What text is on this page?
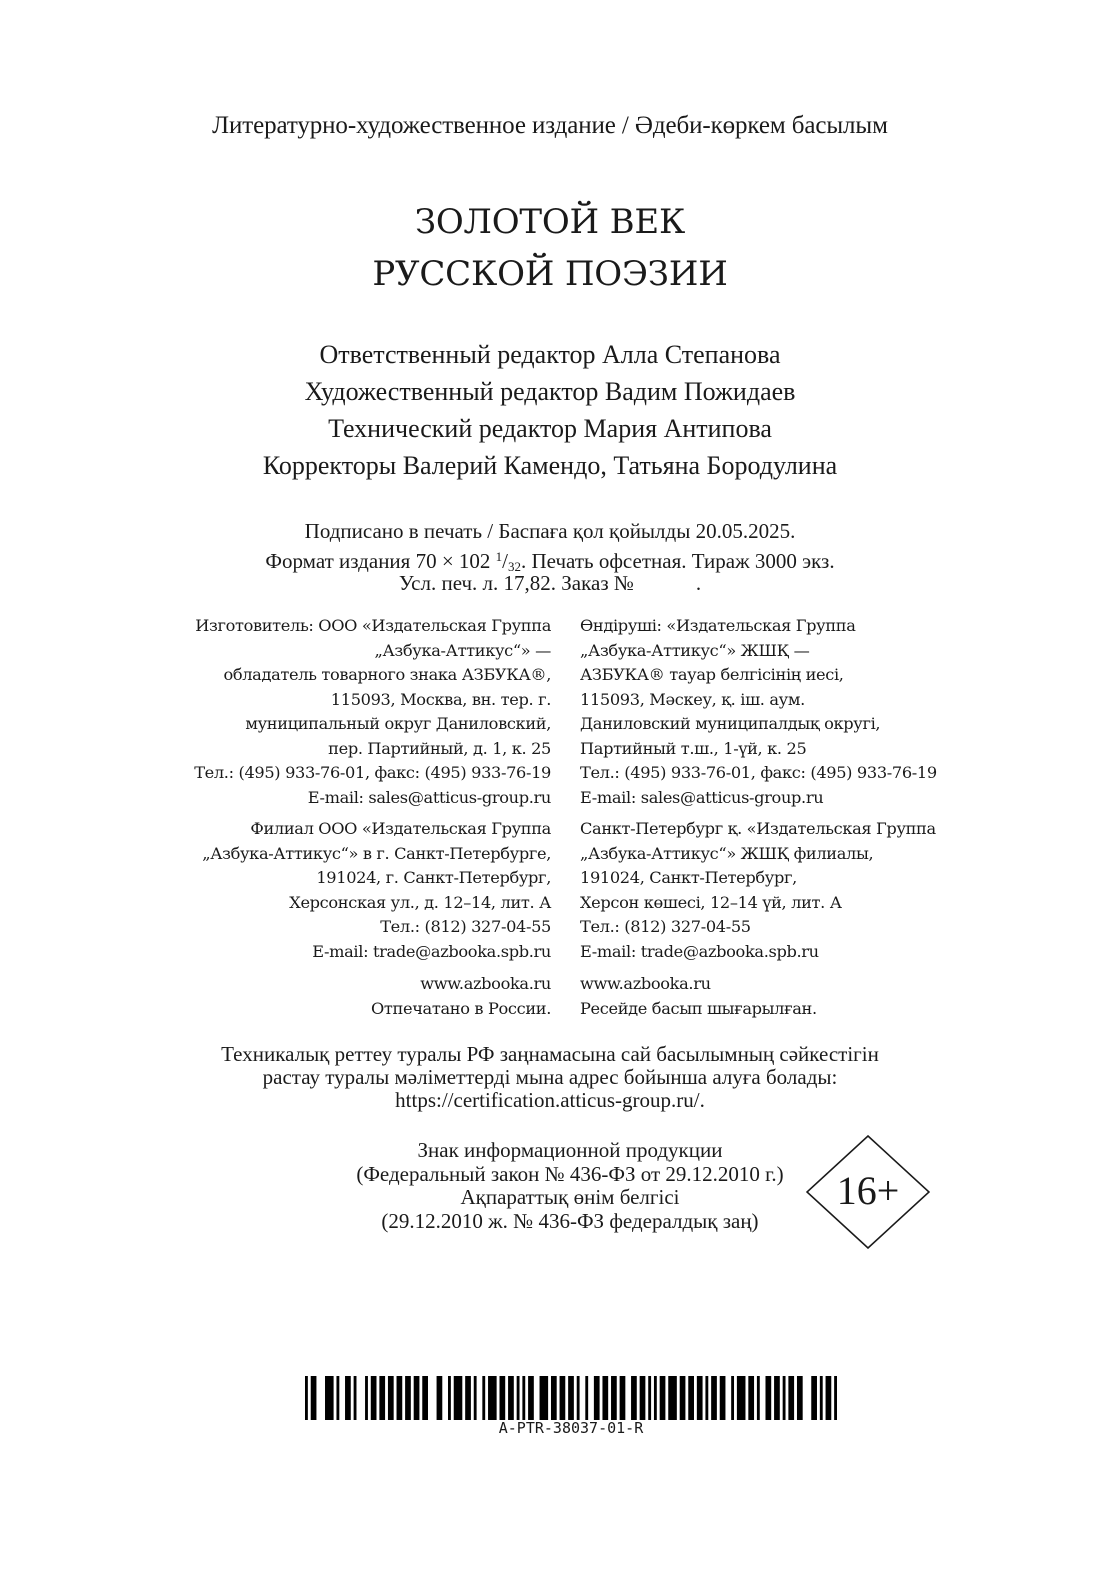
Литературно-художественное издание / Әдеби-көркем басылым
ЗОЛОТОЙ ВЕК
РУССКОЙ ПОЭЗИИ
Ответственный редактор Алла Степанова
Художественный редактор Вадим Пожидаев
Технический редактор Мария Антипова
Корректоры Валерий Камендо, Татьяна Бородулина
Подписано в печать / Баспаға қол қойылды 20.05.2025.
Формат издания 70 × 102 $^1$/32. Печать офсетная. Тираж 3000 экз.
Усл. печ. л. 17,82. Заказ №	.
Изготовитель: ООО «Издательская Группа
„Азбука-Аттикус“» —
обладатель товарного знака АЗБУКА®,
115093, Москва, вн. тер. г.
муниципальный округ Даниловский,
пер. Партийный, д. 1, к. 25
Тел.: (495) 933-76-01, факс: (495) 933-76-19
E-mail: sales@atticus-group.ru
Өндіруші: «Издательская Группа
„Азбука-Аттикус“» ЖШҚ —
АЗБУКА® тауар белгісінің иесі,
115093, Мәскеу, қ. іш. аум.
Даниловский муниципалдық округі,
Партийный т.ш., 1-үй, к. 25
Тел.: (495) 933-76-01, факс: (495) 933-76-19
E-mail: sales@atticus-group.ru
Филиал ООО «Издательская Группа
„Азбука-Аттикус“» в г. Санкт-Петербурге,
191024, г. Санкт-Петербург,
Херсонская ул., д. 12–14, лит. А
Тел.: (812) 327-04-55
E-mail: trade@azbooka.spb.ru
Санкт-Петербург қ. «Издательская Группа
„Азбука-Аттикус“» ЖШҚ филиалы,
191024, Санкт-Петербург,
Херсон көшесі, 12–14 үй, лит. А
Тел.: (812) 327-04-55
E-mail: trade@azbooka.spb.ru
www.azbooka.ru
Отпечатано в России.
www.azbooka.ru
Ресейде басып шығарылған.
Техникалық реттеу туралы РФ заңнамасына сай басылымның сәйкестігін
растау туралы мәліметтерді мына адрес бойынша алуға болады:
https://certification.atticus-group.ru/.
Знак информационной продукции
(Федеральный закон № 436-ФЗ от 29.12.2010 г.)
Ақпараттық өнім белгісі
(29.12.2010 ж. № 436-ФЗ федералдық заң)
16+
A-PTR-38037-01-R
